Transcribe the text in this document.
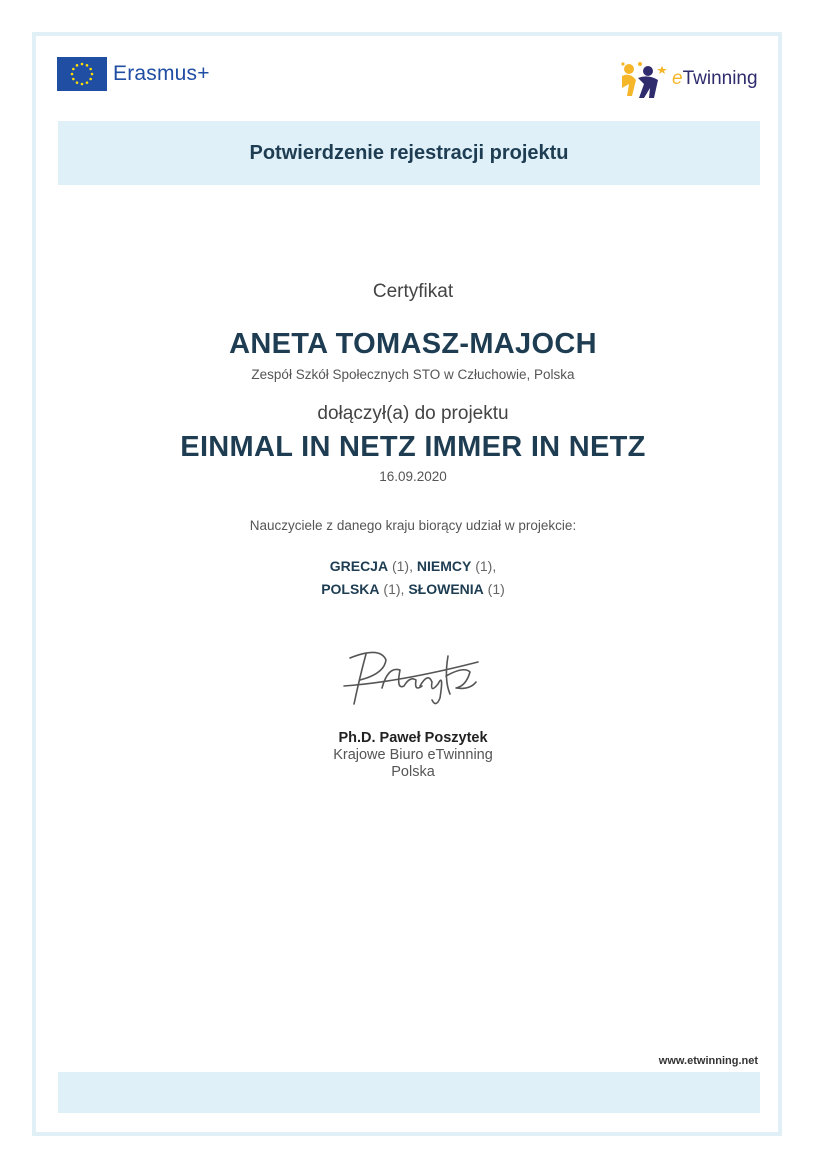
Erasmus+	eTwinning
Potwierdzenie rejestracji projektu
Certyfikat
ANETA TOMASZ-MAJOCH
Zespół Szkół Społecznych STO w Człuchowie, Polska
dołączył(a) do projektu
EINMAL IN NETZ IMMER IN NETZ
16.09.2020
Nauczyciele z danego kraju biorący udział w projekcie:
GRECJA (1), NIEMCY (1),
POLSKA (1), SŁOWENIA (1)
Ph.D. Paweł Poszytek
Krajowe Biuro eTwinning
Polska
www.etwinning.net
